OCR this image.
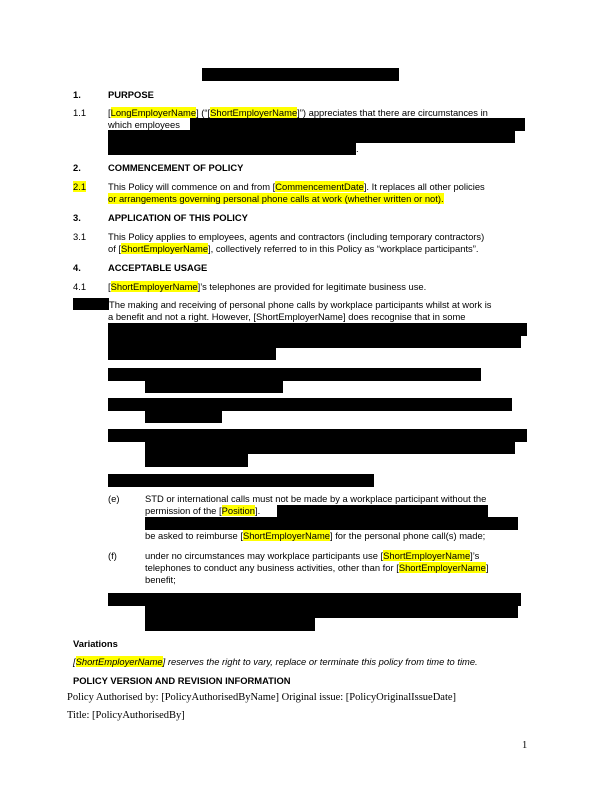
1.	PURPOSE
1.1 [LongEmployerName] (“[ShortEmployerName]”) appreciates that there are circumstances in
which employees
.
2.	COMMENCEMENT OF POLICY
2.1 This Policy will commence on and from [CommencementDate]. It replaces all other policies
or arrangements governing personal phone calls at work (whether written or not).
3.	APPLICATION OF THIS POLICY
3.1 This Policy applies to employees, agents and contractors (including temporary contractors)
of [ShortEmployerName], collectively referred to in this Policy as “workplace participants”.
4.	ACCEPTABLE USAGE
4.1 [ShortEmployerName]’s telephones are provided for legitimate business use.
The making and receiving of personal phone calls by workplace participants whilst at work is
a benefit and not a right. However, [ShortEmployerName] does recognise that in some
(e)	STD or international calls must not be made by a workplace participant without the
permission of the [Position].
be asked to reimburse [ShortEmployerName] for the personal phone call(s) made;
(f)	under no circumstances may workplace participants use [ShortEmployerName]’s
telephones to conduct any business activities, other than for [ShortEmployerName]
benefit;
Variations
[ShortEmployerName] reserves the right to vary, replace or terminate this policy from time to time.
POLICY VERSION AND REVISION INFORMATION
Policy Authorised by: [PolicyAuthorisedByName] Original issue: [PolicyOriginalIssueDate]
Title: [PolicyAuthorisedBy]
1
